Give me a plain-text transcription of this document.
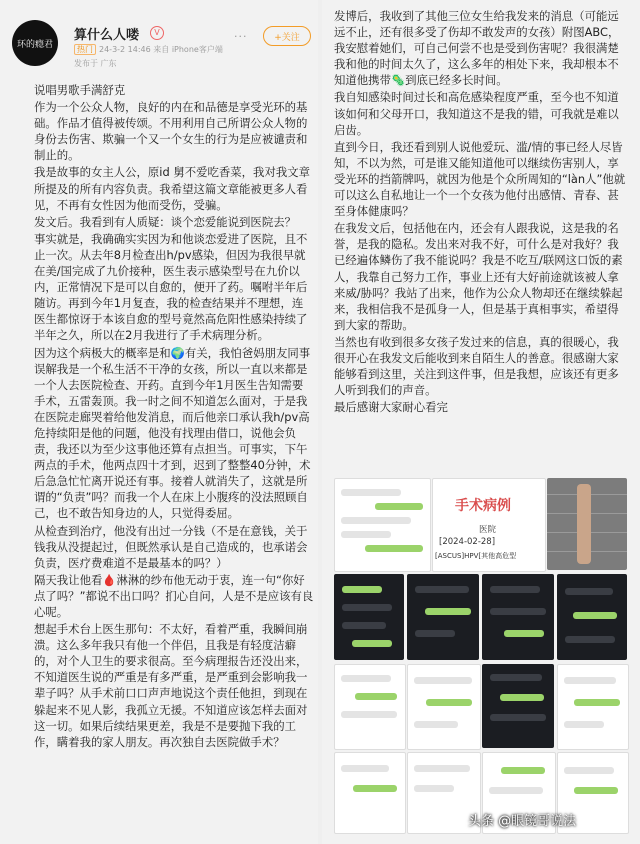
环的瘾君
算什么人喽	V	···	+关注
热门 24-3-2 14:46 来自 iPhone客户端
发布于 广东

说唱男歌手满舒克

作为一个公众人物，良好的内在和品德是享受光环的基础。作品才值得被传颂。不用利用自己所谓公众人物的身份去伤害、欺骗一个又一个女生的行为是应被谴责和制止的。

我是故事的女主人公，原id 舅不爱吃香菜，我对我文章所提及的所有内容负责。我希望这篇文章能被更多人看见，不再有女性因为他而受伤，受骗。

发文后。我看到有人质疑：谈个恋爱能说到医院去？

事实就是，我确确实实因为和他谈恋爱进了医院，且不止一次。从去年8月检查出h/pv感染，但因为我很早就在美/国完成了九价接种，医生表示感染型号在九价以内，正常情况下是可以自愈的，便开了药。嘱咐半年后随访。再到今年1月复查，我的检查结果并不理想，连医生都惊讶于本该自愈的型号竟然高危阳性感染持续了半年之久，所以在2月我进行了手术病理分析。

因为这个病极大的概率是和🌍有关，我怕爸妈朋友同事误解我是一个私生活不干净的女孩，所以一直以来都是一个人去医院检查、开药。直到今年1月医生告知需要手术，五雷轰顶。我一时之间不知道怎么面对，于是我在医院走廊哭着给他发消息，而后他亲口承认我h/pv高危持续阳是他的问题，他没有找理由借口，说他会负责，我还以为至少这事他还算有点担当。可事实，下午两点的手术，他两点四十才到，迟到了整整40分钟，术后急急忙忙离开说还有事。接着人就消失了，这就是所谓的“负责”吗？而我一个人在床上小腹疼的没法照顾自己，也不敢告知身边的人，只觉得委屈。

从检查到治疗，他没有出过一分钱（不是在意钱，关于钱我从没提起过，但既然承认是自己造成的，也承诺会负责，医疗费难道不是最基本的吗？）

隔天我让他看🩸淋淋的纱布他无动于衷，连一句“你好点了吗？”都说不出口吗？扪心自问，人是不是应该有良心呢。

想起手术台上医生那句：不太好，看着严重，我瞬间崩溃。这么多年我只有他一个伴侣，且我是有轻度洁癖的，对个人卫生的要求很高。至今病理报告还没出来，不知道医生说的严重是有多严重，是严重到会影响我一辈子吗？从手术前口口声声地说这个责任他担，到现在躲起来不见人影，我孤立无援。不知道应该怎样去面对这一切。如果后续结果更差，我是不是要抛下我的工作，瞒着我的家人朋友。再次独自去医院做手术？

发博后，我收到了其他三位女生给我发来的消息（可能远远不止，还有很多受了伤却不敢发声的女孩）附图ABC，我安慰着她们，可自己何尝不也是受到伤害呢？我很满楚我和他的时间太久了，这么多年的相处下来，我却根本不知道他携带🦠到底已经多长时间。

我自知感染时间过长和高危感染程度严重，至今也不知道该如何和父母开口，我知道这不是我的错，可我就是难以启齿。

直到今日，我还看到别人说他爱玩、滥/情的事已经人尽皆知，不以为然，可是谁又能知道他可以继续伤害别人，享受光环的挡箭牌吗，就因为他是个众所周知的“làn人”他就可以这么自私地让一个一个女孩为他付出感情、青春、甚至身体健康吗？

在我发文后，包括他在内，还会有人跟我说，这是我的名誉，是我的隐私。发出来对我不好，可什么是对我好？我已经遍体鳞伤了我不能说吗？我是不吃互/联网这口饭的素人，我靠自己努力工作，事业上还有大好前途就该被人拿来威/胁吗？我站了出来，他作为公众人物却还在继续躲起来，我相信我不是孤身一人，但是基于真相事实，希望得到大家的帮助。

当然也有收到很多女孩子发过来的信息，真的很暖心，我很开心在我发文后能收到来自陌生人的善意。很感谢大家能够看到这里，关注到这件事，但是我想，应该还有更多人听到我们的声音。

最后感谢大家耐心看完

手术病例
医院
[2024-02-28]
[ASCUS]HPV[其他高危型
头条 @眼镜哥说法
